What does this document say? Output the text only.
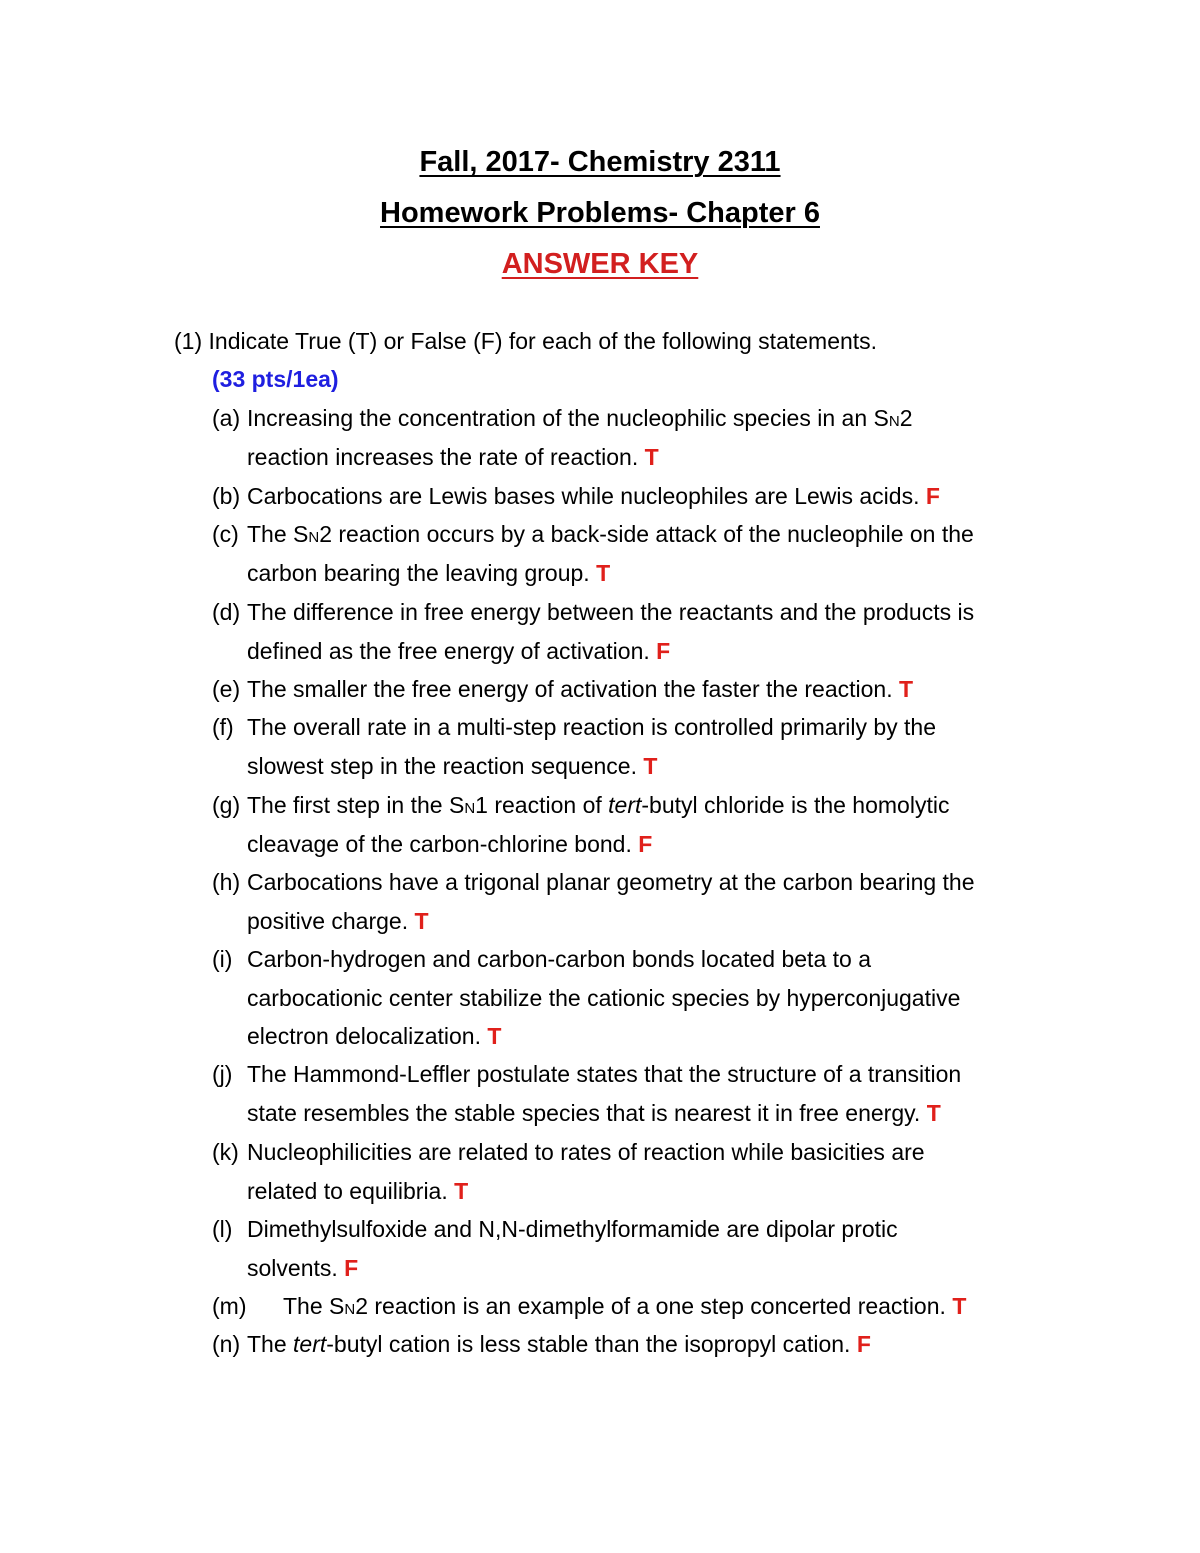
Fall, 2017- Chemistry 2311
Homework Problems- Chapter 6
ANSWER KEY
(1) Indicate True (T) or False (F) for each of the following statements.
(33 pts/1ea)
(a) Increasing the concentration of the nucleophilic species in an SN2
reaction increases the rate of reaction. T
(b) Carbocations are Lewis bases while nucleophiles are Lewis acids. F
(c) The SN2 reaction occurs by a back-side attack of the nucleophile on the
carbon bearing the leaving group. T
(d) The difference in free energy between the reactants and the products is
defined as the free energy of activation. F
(e) The smaller the free energy of activation the faster the reaction. T
(f) The overall rate in a multi-step reaction is controlled primarily by the
slowest step in the reaction sequence. T
(g) The first step in the SN1 reaction of tert-butyl chloride is the homolytic
cleavage of the carbon-chlorine bond. F
(h) Carbocations have a trigonal planar geometry at the carbon bearing the
positive charge. T
(i) Carbon-hydrogen and carbon-carbon bonds located beta to a
carbocationic center stabilize the cationic species by hyperconjugative
electron delocalization. T
(j) The Hammond-Leffler postulate states that the structure of a transition
state resembles the stable species that is nearest it in free energy. T
(k) Nucleophilicities are related to rates of reaction while basicities are
related to equilibria. T
(l) Dimethylsulfoxide and N,N-dimethylformamide are dipolar protic
solvents. F
(m) The SN2 reaction is an example of a one step concerted reaction. T
(n) The tert-butyl cation is less stable than the isopropyl cation. F
